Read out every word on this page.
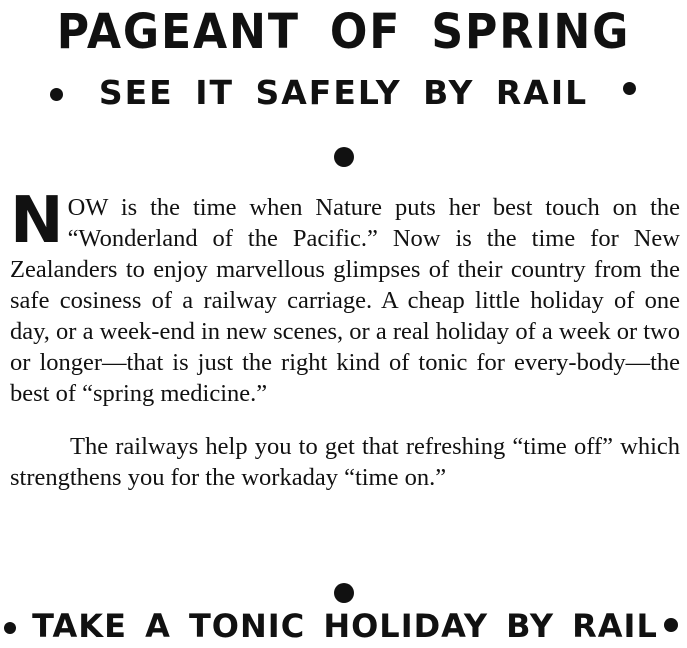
PAGEANT OF SPRING
SEE IT SAFELY BY RAIL

NOW is the time when Nature puts her best touch on the “Wonderland of the Pacific.” Now is the time for New Zealanders to enjoy marvellous glimpses of their country from the safe cosiness of a railway carriage. A cheap little holiday of one day, or a week-end in new scenes, or a real holiday of a week or two or longer—that is just the right kind of tonic for every-body—the best of “spring medicine.”

The railways help you to get that refreshing “time off” which strengthens you for the workaday “time on.”

TAKE A TONIC HOLIDAY BY RAIL
